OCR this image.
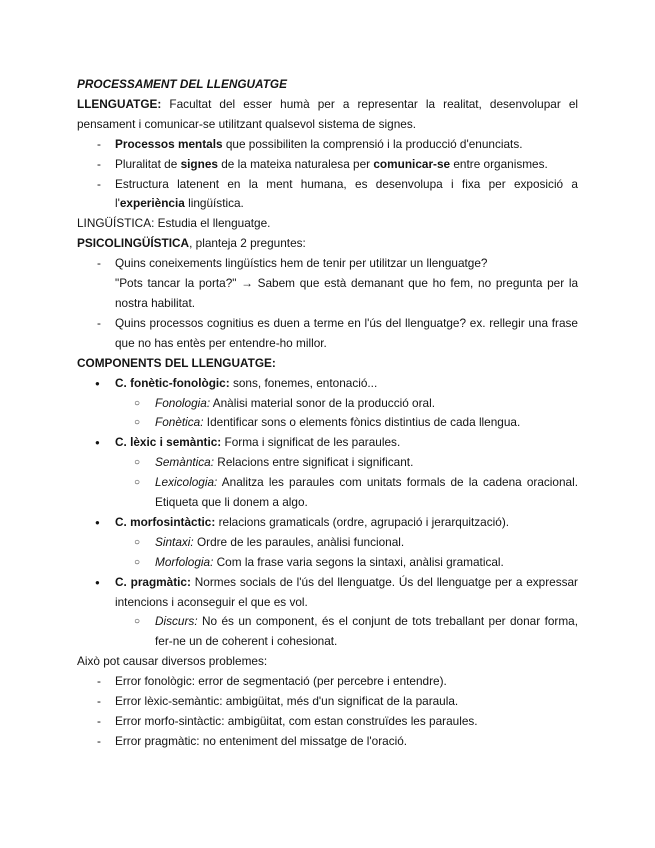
PROCESSAMENT DEL LLENGUATGE

LLENGUATGE: Facultat del esser humà per a representar la realitat, desenvolupar el pensament i comunicar-se utilitzant qualsevol sistema de signes.

- Processos mentals que possibiliten la comprensió i la producció d'enunciats.
- Pluralitat de signes de la mateixa naturalesa per comunicar-se entre organismes.
- Estructura latenent en la ment humana, es desenvolupa i fixa per exposició a l'experiència lingüística.

LINGÜÍSTICA: Estudia el llenguatge.

PSICOLINGÜÍSTICA, planteja 2 preguntes:

- Quins coneixements lingüístics hem de tenir per utilitzar un llenguatge?
"Pots tancar la porta?" → Sabem que està demanant que ho fem, no pregunta per la nostra habilitat.
- Quins processos cognitius es duen a terme en l'ús del llenguatge? ex. rellegir una frase que no has entès per entendre-ho millor.

COMPONENTS DEL LLENGUATGE:

● C. fonètic-fonològic: sons, fonemes, entonació...
○ Fonologia: Anàlisi material sonor de la producció oral.
○ Fonètica: Identificar sons o elements fònics distintius de cada llengua.
● C. lèxic i semàntic: Forma i significat de les paraules.
○ Semàntica: Relacions entre significat i significant.
○ Lexicologia: Analitza les paraules com unitats formals de la cadena oracional. Etiqueta que li donem a algo.
● C. morfosintàctic: relacions gramaticals (ordre, agrupació i jerarquització).
○ Sintaxi: Ordre de les paraules, anàlisi funcional.
○ Morfologia: Com la frase varia segons la sintaxi, anàlisi gramatical.
● C. pragmàtic: Normes socials de l'ús del llenguatge. Ús del llenguatge per a expressar intencions i aconseguir el que es vol.
○ Discurs: No és un component, és el conjunt de tots treballant per donar forma, fer-ne un de coherent i cohesionat.

Això pot causar diversos problemes:

- Error fonològic: error de segmentació (per percebre i entendre).
- Error lèxic-semàntic: ambigüitat, més d'un significat de la paraula.
- Error morfo-sintàctic: ambigüitat, com estan construïdes les paraules.
- Error pragmàtic: no enteniment del missatge de l'oració.
